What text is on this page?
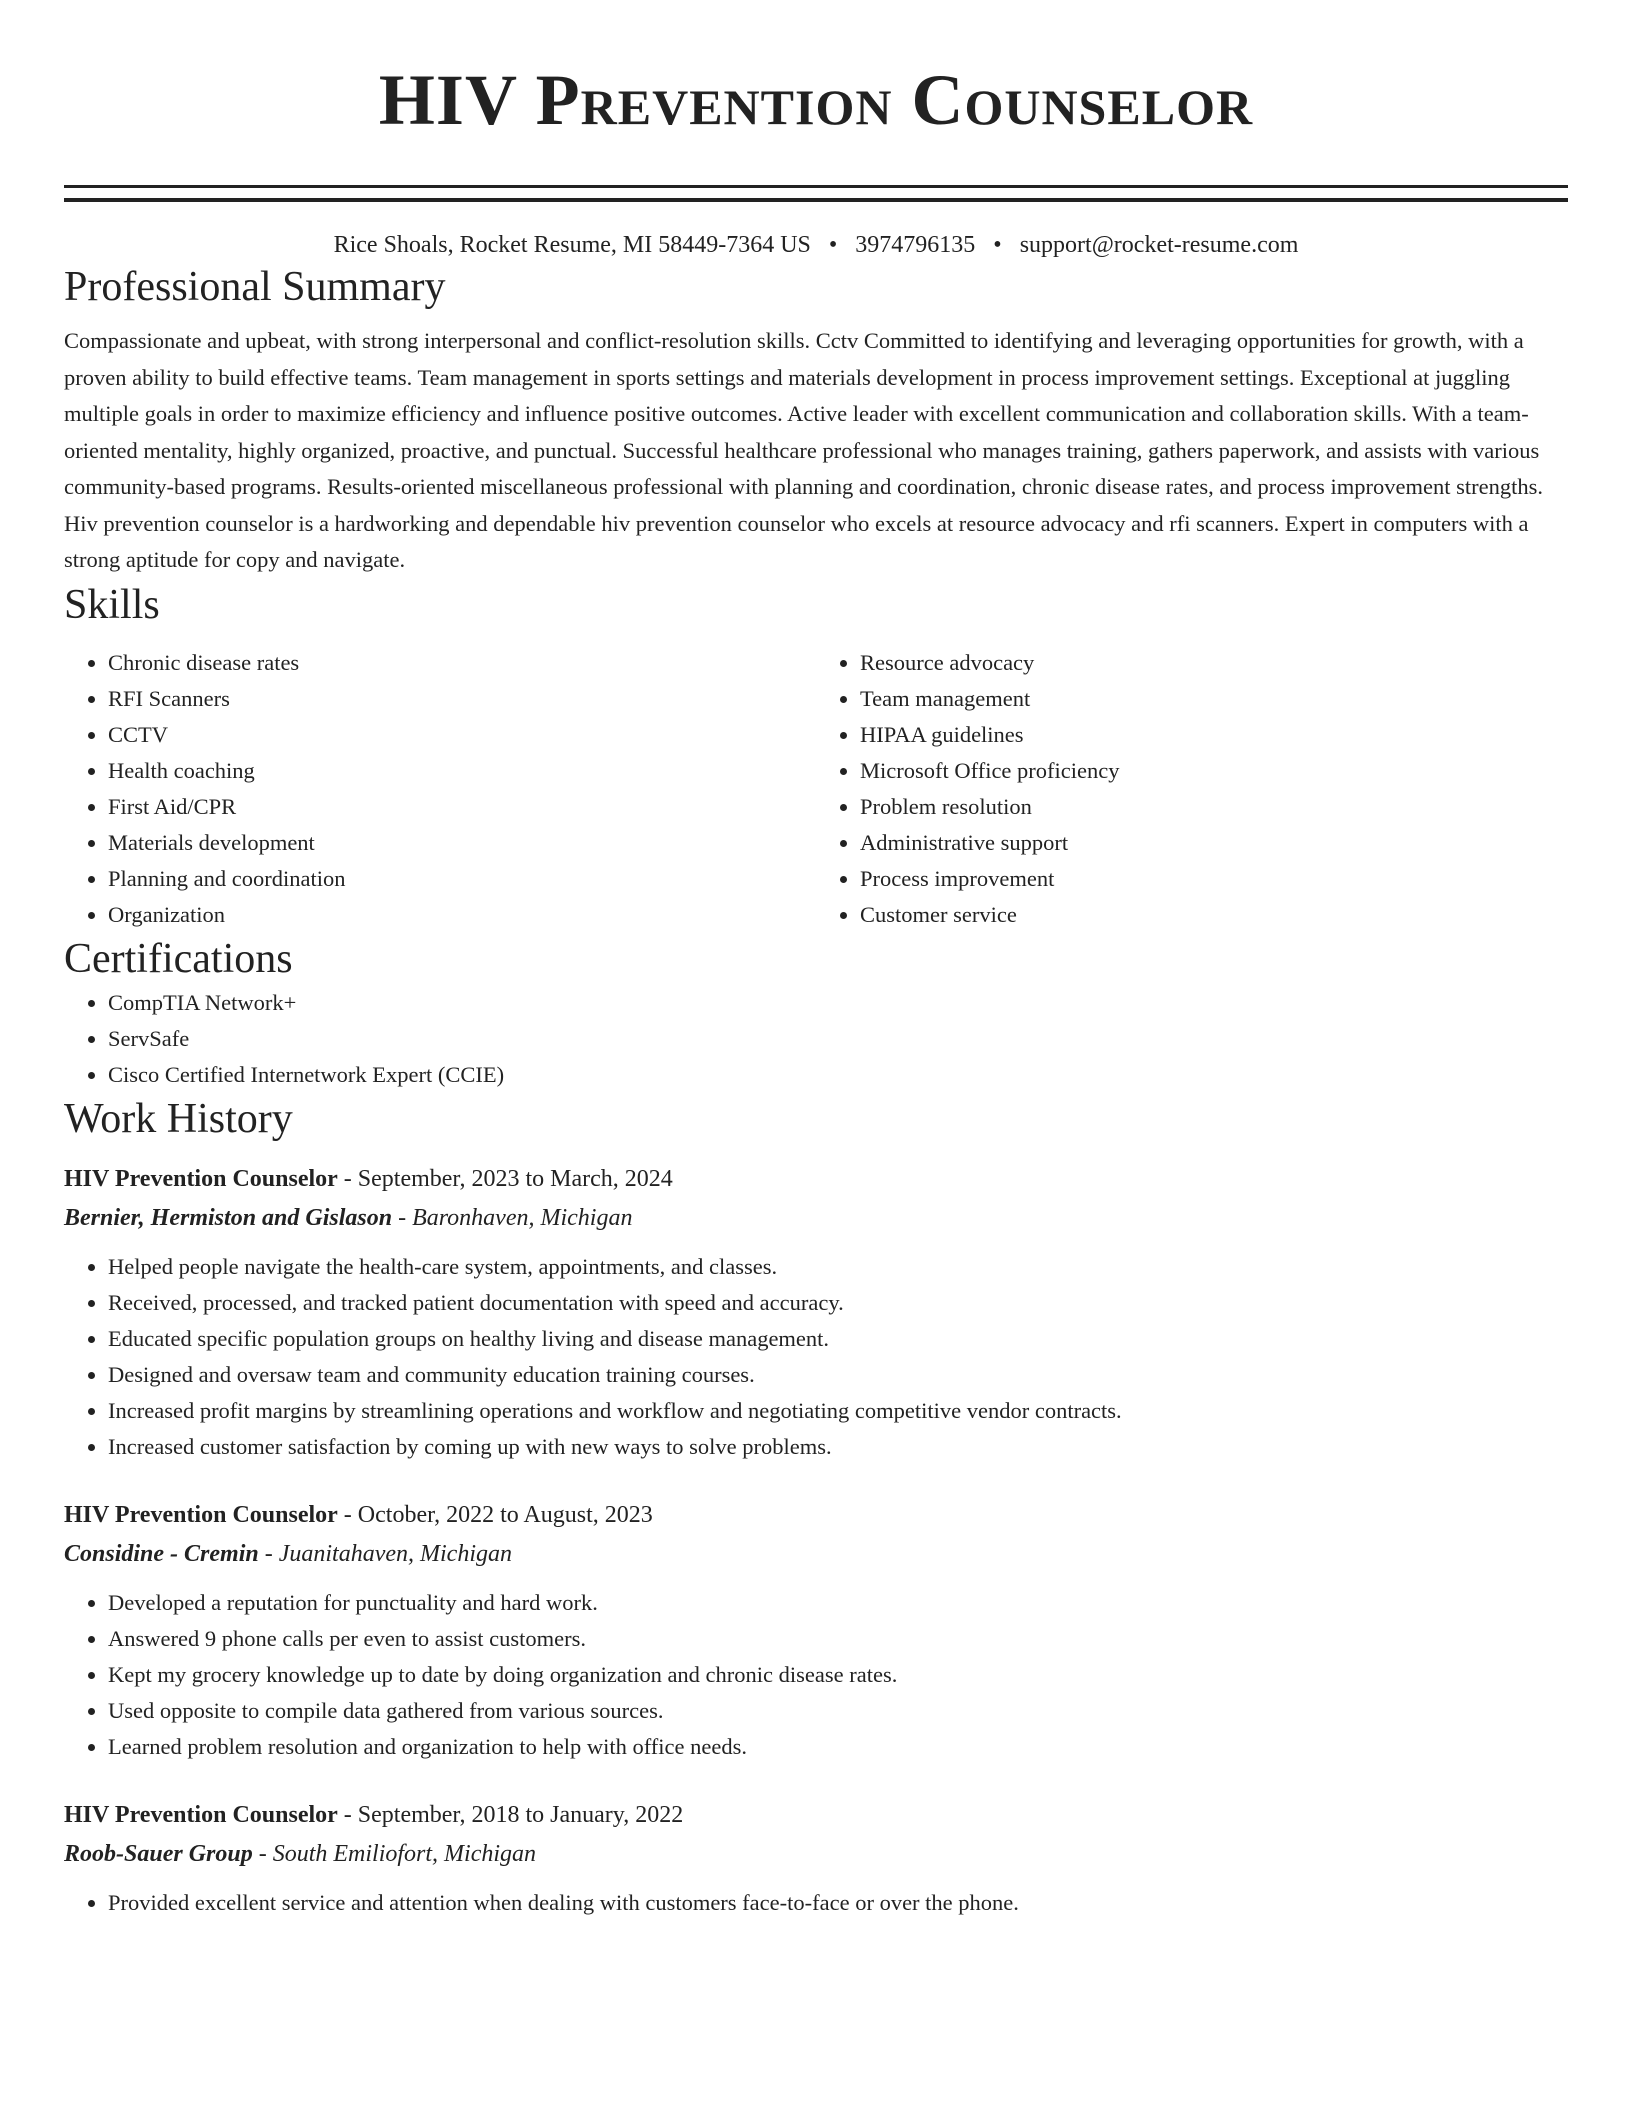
HIV Prevention Counselor
Rice Shoals, Rocket Resume, MI 58449-7364 US • 3974796135 • support@rocket-resume.com
Professional Summary

Compassionate and upbeat, with strong interpersonal and conflict-resolution skills. Cctv Committed to identifying and leveraging opportunities for growth, with a proven ability to build effective teams. Team management in sports settings and materials development in process improvement settings. Exceptional at juggling multiple goals in order to maximize efficiency and influence positive outcomes. Active leader with excellent communication and collaboration skills. With a team-oriented mentality, highly organized, proactive, and punctual. Successful healthcare professional who manages training, gathers paperwork, and assists with various community-based programs. Results-oriented miscellaneous professional with planning and coordination, chronic disease rates, and process improvement strengths. Hiv prevention counselor is a hardworking and dependable hiv prevention counselor who excels at resource advocacy and rfi scanners. Expert in computers with a strong aptitude for copy and navigate.

Skills
• Chronic disease rates
• RFI Scanners
• CCTV
• Health coaching
• First Aid/CPR
• Materials development
• Planning and coordination
• Organization
• Resource advocacy
• Team management
• HIPAA guidelines
• Microsoft Office proficiency
• Problem resolution
• Administrative support
• Process improvement
• Customer service
Certifications
• CompTIA Network+
• ServSafe
• Cisco Certified Internetwork Expert (CCIE)
Work History
HIV Prevention Counselor - September, 2023 to March, 2024
Bernier, Hermiston and Gislason - Baronhaven, Michigan
• Helped people navigate the health-care system, appointments, and classes.
• Received, processed, and tracked patient documentation with speed and accuracy.
• Educated specific population groups on healthy living and disease management.
• Designed and oversaw team and community education training courses.
• Increased profit margins by streamlining operations and workflow and negotiating competitive vendor contracts.
• Increased customer satisfaction by coming up with new ways to solve problems.
HIV Prevention Counselor - October, 2022 to August, 2023
Considine - Cremin - Juanitahaven, Michigan
• Developed a reputation for punctuality and hard work.
• Answered 9 phone calls per even to assist customers.
• Kept my grocery knowledge up to date by doing organization and chronic disease rates.
• Used opposite to compile data gathered from various sources.
• Learned problem resolution and organization to help with office needs.
HIV Prevention Counselor - September, 2018 to January, 2022
Roob-Sauer Group - South Emiliofort, Michigan
• Provided excellent service and attention when dealing with customers face-to-face or over the phone.
